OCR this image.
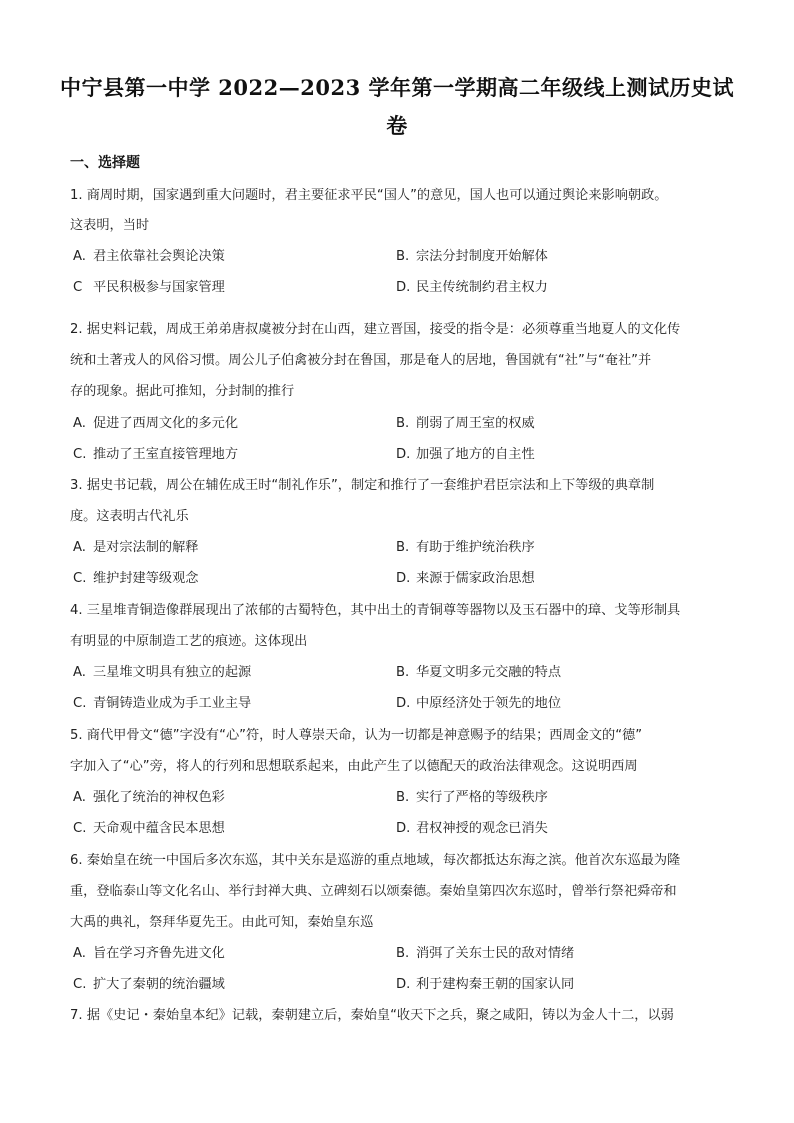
中宁县第一中学 2022—2023 学年第一学期高二年级线上测试历史试
卷
一、选择题
1. 商周时期，国家遇到重大问题时，君主要征求平民“国人”的意见，国人也可以通过舆论来影响朝政。
这表明，当时
A. 君主依靠社会舆论决策	B. 宗法分封制度开始解体
C 平民积极参与国家管理	D. 民主传统制约君主权力
2. 据史料记载，周成王弟弟唐叔虞被分封在山西，建立晋国，接受的指令是：必须尊重当地夏人的文化传
统和土著戎人的风俗习惯。周公儿子伯禽被分封在鲁国，那是奄人的居地，鲁国就有“社”与“奄社”并
存的现象。据此可推知，分封制的推行
A. 促进了西周文化的多元化	B. 削弱了周王室的权威
C. 推动了王室直接管理地方	D. 加强了地方的自主性
3. 据史书记载，周公在辅佐成王时“制礼作乐”，制定和推行了一套维护君臣宗法和上下等级的典章制
度。这表明古代礼乐
A. 是对宗法制的解释	B. 有助于维护统治秩序
C. 维护封建等级观念	D. 来源于儒家政治思想
4. 三星堆青铜造像群展现出了浓郁的古蜀特色，其中出土的青铜尊等器物以及玉石器中的璋、戈等形制具
有明显的中原制造工艺的痕迹。这体现出
A. 三星堆文明具有独立的起源	B. 华夏文明多元交融的特点
C. 青铜铸造业成为手工业主导	D. 中原经济处于领先的地位
5. 商代甲骨文“德”字没有“心”符，时人尊崇天命，认为一切都是神意赐予的结果；西周金文的“德”
字加入了“心”旁，将人的行列和思想联系起来，由此产生了以德配天的政治法律观念。这说明西周
A. 强化了统治的神权色彩	B. 实行了严格的等级秩序
C. 天命观中蕴含民本思想	D. 君权神授的观念已消失
6. 秦始皇在统一中国后多次东巡，其中关东是巡游的重点地域，每次都抵达东海之滨。他首次东巡最为隆
重，登临泰山等文化名山、举行封禅大典、立碑刻石以颂秦德。秦始皇第四次东巡时，曾举行祭祀舜帝和
大禹的典礼，祭拜华夏先王。由此可知，秦始皇东巡
A. 旨在学习齐鲁先进文化	B. 消弭了关东士民的敌对情绪
C. 扩大了秦朝的统治疆域	D. 利于建构秦王朝的国家认同
7. 据《史记・秦始皇本纪》记载，秦朝建立后，秦始皇“收天下之兵，聚之咸阳，铸以为金人十二，以弱
